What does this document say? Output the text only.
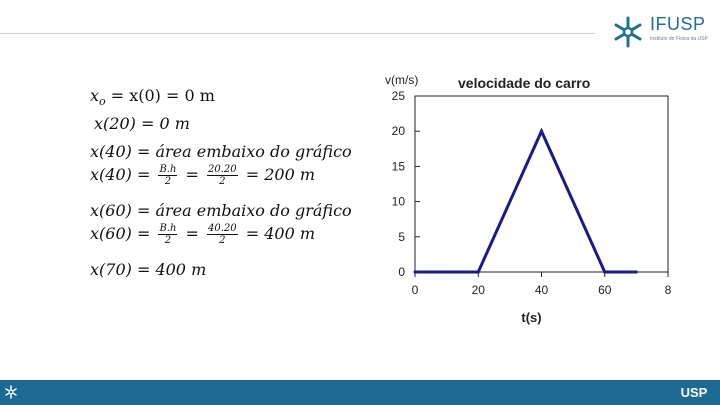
IFUSP
Instituto de Física da USP
$x_o = x(0) = 0$ m
x(20) = 0 m
x(40) = área embaixo do gráfico
$x(40) = \frac{B.h}{2} = \frac{20.20}{2} = 200$ m
x(60) = área embaixo do gráfico
$x(60) = \frac{B.h}{2} = \frac{40.20}{2} = 400$ m
x(70) = 400 m	0
5
10
15
20
25
0	20	40	60	8
v(m/s)	velocidade do carro
t(s)
USP
